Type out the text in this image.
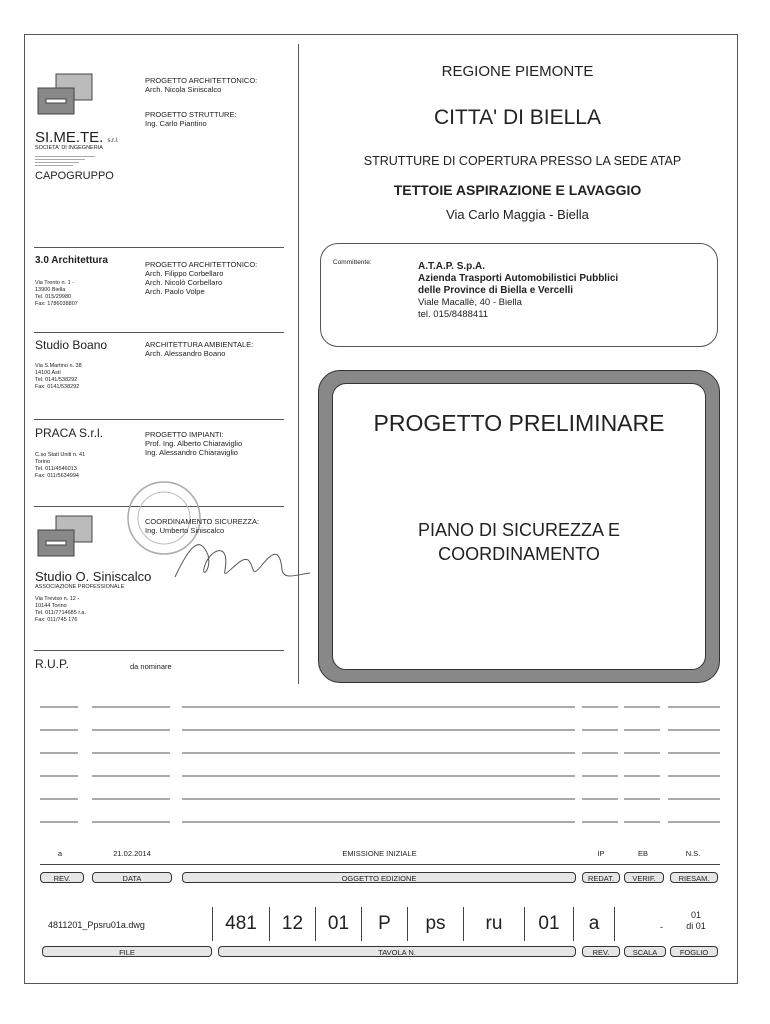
PROGETTO ARCHITETTONICO:
Arch. Nicola Siniscalco
PROGETTO STRUTTURE:
Ing. Carlo Piantino
SI.ME.TE. s.r.l.
SOCIETA' DI INGEGNERIA
CAPOGRUPPO
3.0 Architettura
Via Trento n. 1 -
13900 Biella
Tel. 015/29980
Fax: 1786038807
PROGETTO ARCHITETTONICO:
Arch. Filippo Corbellaro
Arch. Nicolò Corbellaro
Arch. Paolo Volpe
Studio Boano
Via S.Martino n. 38
14100 Asti
Tel. 0141/538292
Fax: 0141/538292
ARCHITETTURA AMBIENTALE:
Arch. Alessandro Boano
PRACA S.r.l.
C.so Stati Uniti n. 41
Torino
Tel. 011/4546013
Fax: 011/5634994
PROGETTO IMPIANTI:
Prof. Ing. Alberto Chiaraviglio
Ing. Alessandro Chiaraviglio
COORDINAMENTO SICUREZZA:
Ing. Umberto Siniscalco
Studio O. Siniscalco
ASSOCIAZIONE PROFESSIONALE
Via Treviso n. 12 -
10144 Torino
Tel. 011/7714685 r.a.
Fax: 011/745 176
R.U.P.	da nominare
REGIONE PIEMONTE
CITTA' DI BIELLA
STRUTTURE DI COPERTURA PRESSO LA SEDE ATAP
TETTOIE ASPIRAZIONE E LAVAGGIO
Via Carlo Maggia - Biella
Committente:	A.T.A.P. S.p.A.
Azienda Trasporti Automobilistici Pubblici
delle Province di Biella e Vercelli
Viale Macallè, 40 - Biella
tel. 015/8488411
PROGETTO PRELIMINARE
PIANO DI SICUREZZA E
COORDINAMENTO
a	21.02.2014	EMISSIONE INIZIALE	IP	EB	N.S.
REV.	DATA	OGGETTO EDIZIONE	REDAT.	VERIF.	RIESAM.
4811201_Ppsru01a.dwg	481	12	01	P	ps	ru	01	a	-
01
di 01
FILE	TAVOLA N.	REV.	SCALA	FOGLIO
